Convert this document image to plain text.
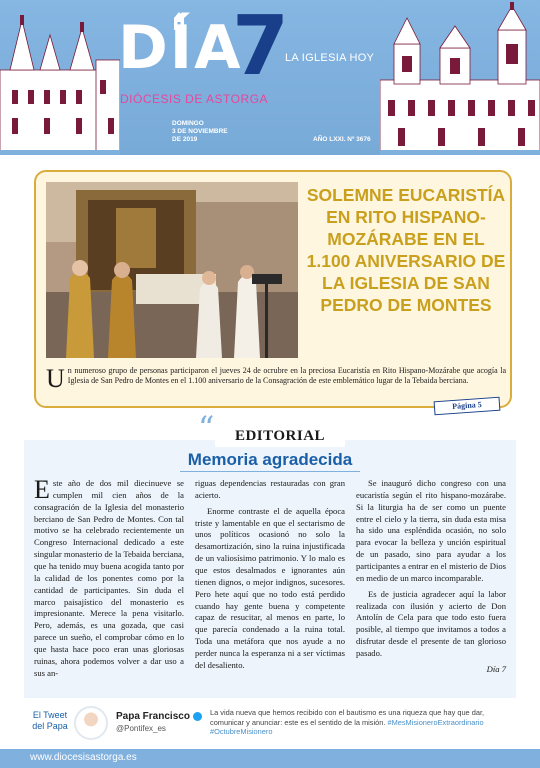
DÍA
7
LA IGLESIA HOY
DIÓCESIS DE ASTORGA
DOMINGO
3 DE NOVIEMBRE
DE 2019	AÑO LXXI. Nº 3676
SOLEMNE EUCARISTÍA EN RITO HISPANO-MOZÁRABE EN EL 1.100 ANIVERSARIO DE LA IGLESIA DE SAN PEDRO DE MONTES
Un numeroso grupo de personas participaron el jueves 24 de ocrubre en la preciosa Eucaristía en Rito Hispano-Mozárabe que acogía la Iglesia de San Pedro de Montes en el 1.100 aniversario de la Consagración de este emblemático lugar de la Tebaida berciana.
Página 5
“	EDITORIAL
Memoria agradecida

Este año de dos mil diecinueve se cumplen mil cien años de la consagración de la Iglesia del monasterio berciano de San Pedro de Montes. Con tal motivo se ha celebrado recientemente un Congreso Internacional dedicado a este singular monasterio de la Tebaida berciana, que ha tenido muy buena acogida tanto por la calidad de los ponentes como por la cantidad de participantes. Sin duda el marco paisajístico del monasterio es impresionante. Merece la pena visitarlo. Pero, además, es una gozada, que casi parece un sueño, el comprobar cómo en lo que hasta hace poco eran unas gloriosas ruinas, ahora podemos volver a dar uso a sus an-

riguas dependencias restauradas con gran acierto.

Enorme contraste el de aquella época triste y lamentable en que el sectarismo de unos políticos ocasionó no solo la desamortización, sino la ruina injustificada de un valiosísimo patrimonio. Y lo malo es que estos desalmados e ignorantes aún tienen dignos, o mejor indignos, sucesores. Pero hete aquí que no todo está perdido cuando hay gente buena y competente capaz de resucitar, al menos en parte, lo que parecía condenado a la ruina total. Toda una metáfora que nos ayude a no perder nunca la esperanza ni a ser víctimas del desaliento.

Se inauguró dicho congreso con una eucaristía según el rito hispano-mozárabe. Si la liturgia ha de ser como un puente entre el cielo y la tierra, sin duda esta misa ha sido una espléndida ocasión, no solo para evocar la belleza y unción espiritual de un pasado, sino para ayudar a los participantes a entrar en el misterio de Dios en medio de un marco incomparable.

Es de justicia agradecer aquí la labor realizada con ilusión y acierto de Don Antolín de Cela para que todo esto fuera posible, al tiempo que invitamos a todos a disfrutar desde el presente de tan glorioso pasado.

Día 7

El Tweet
del Papa
Papa Francisco
@Pontifex_es
La vida nueva que hemos recibido con el bautismo es una riqueza que hay que dar, comunicar y anunciar: este es el sentido de la misión. #MesMisioneroExtraordinario #OctubreMisionero
www.diocesisastorga.es
